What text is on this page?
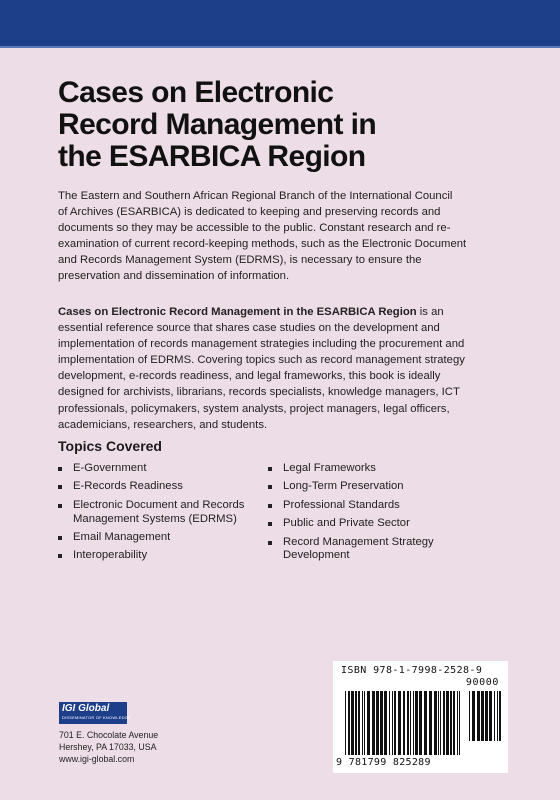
Cases on Electronic
Record Management in
the ESARBICA Region
The Eastern and Southern African Regional Branch of the International Council
of Archives (ESARBICA) is dedicated to keeping and preserving records and
documents so they may be accessible to the public. Constant research and re-
examination of current record-keeping methods, such as the Electronic Document
and Records Management System (EDRMS), is necessary to ensure the
preservation and dissemination of information.
Cases on Electronic Record Management in the ESARBICA Region is an
essential reference source that shares case studies on the development and
implementation of records management strategies including the procurement and
implementation of EDRMS. Covering topics such as record management strategy
development, e-records readiness, and legal frameworks, this book is ideally
designed for archivists, librarians, records specialists, knowledge managers, ICT
professionals, policymakers, system analysts, project managers, legal officers,
academicians, researchers, and students.
Topics Covered
E-Government
E-Records Readiness
Electronic Document and Records Management Systems (EDRMS)
Email Management
Interoperability
Legal Frameworks
Long-Term Preservation
Professional Standards
Public and Private Sector
Record Management Strategy Development
IGI Global
DISSEMINATOR OF KNOWLEDGE
701 E. Chocolate Avenue
Hershey, PA 17033, USA
www.igi-global.com
ISBN 978-1-7998-2528-9
90000
9 781799 825289
